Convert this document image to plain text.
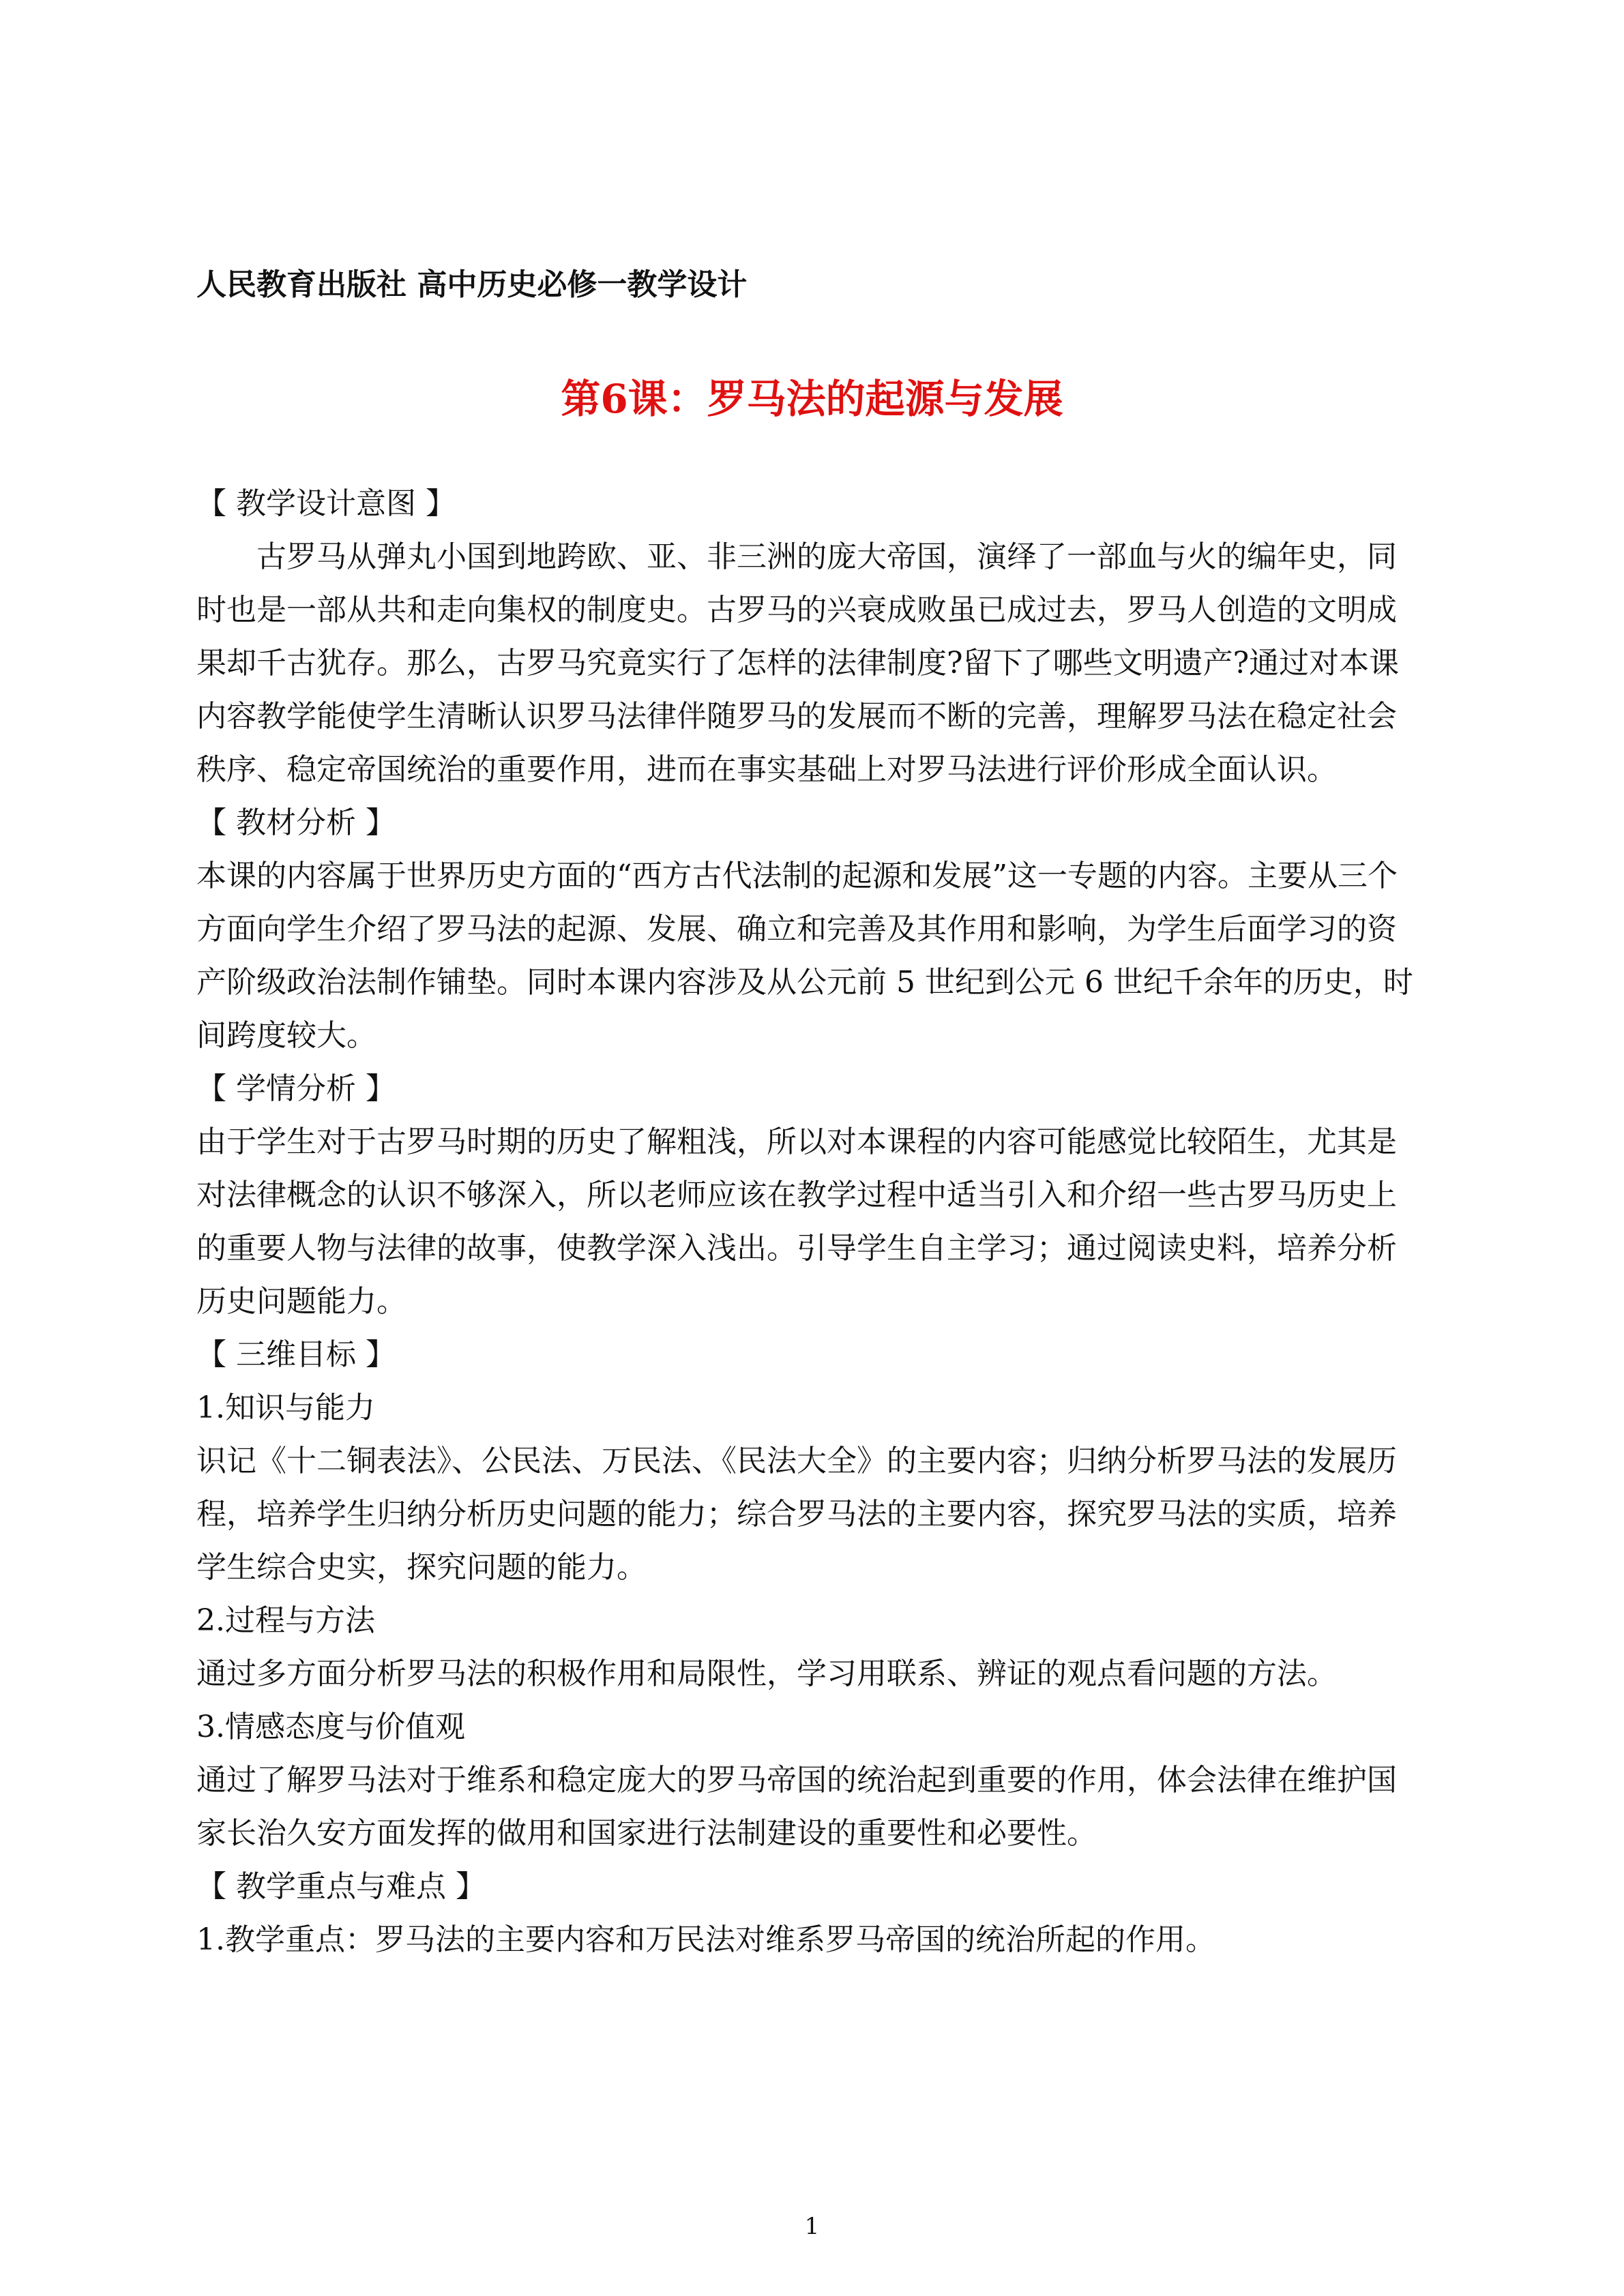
人民教育出版社 高中历史必修一教学设计
第6课：罗马法的起源与发展

【 教学设计意图 】

古罗马从弹丸小国到地跨欧、亚、非三洲的庞大帝国，演绎了一部血与火的编年史，同时也是一部从共和走向集权的制度史。古罗马的兴衰成败虽已成过去，罗马人创造的文明成果却千古犹存。那么，古罗马究竟实行了怎样的法律制度?留下了哪些文明遗产?通过对本课内容教学能使学生清晰认识罗马法律伴随罗马的发展而不断的完善，理解罗马法在稳定社会秩序、稳定帝国统治的重要作用，进而在事实基础上对罗马法进行评价形成全面认识。

【 教材分析 】

本课的内容属于世界历史方面的“西方古代法制的起源和发展”这一专题的内容。主要从三个方面向学生介绍了罗马法的起源、发展、确立和完善及其作用和影响，为学生后面学习的资产阶级政治法制作铺垫。同时本课内容涉及从公元前 5 世纪到公元 6 世纪千余年的历史，时间跨度较大。

【 学情分析 】

由于学生对于古罗马时期的历史了解粗浅，所以对本课程的内容可能感觉比较陌生，尤其是对法律概念的认识不够深入，所以老师应该在教学过程中适当引入和介绍一些古罗马历史上的重要人物与法律的故事，使教学深入浅出。引导学生自主学习；通过阅读史料，培养分析历史问题能力。

【 三维目标 】

1.知识与能力

识记《十二铜表法》、公民法、万民法、《民法大全》的主要内容；归纳分析罗马法的发展历程，培养学生归纳分析历史问题的能力；综合罗马法的主要内容，探究罗马法的实质，培养学生综合史实，探究问题的能力。

2.过程与方法

通过多方面分析罗马法的积极作用和局限性，学习用联系、辨证的观点看问题的方法。

3.情感态度与价值观

通过了解罗马法对于维系和稳定庞大的罗马帝国的统治起到重要的作用，体会法律在维护国家长治久安方面发挥的做用和国家进行法制建设的重要性和必要性。

【 教学重点与难点 】

1.教学重点：罗马法的主要内容和万民法对维系罗马帝国的统治所起的作用。

1
